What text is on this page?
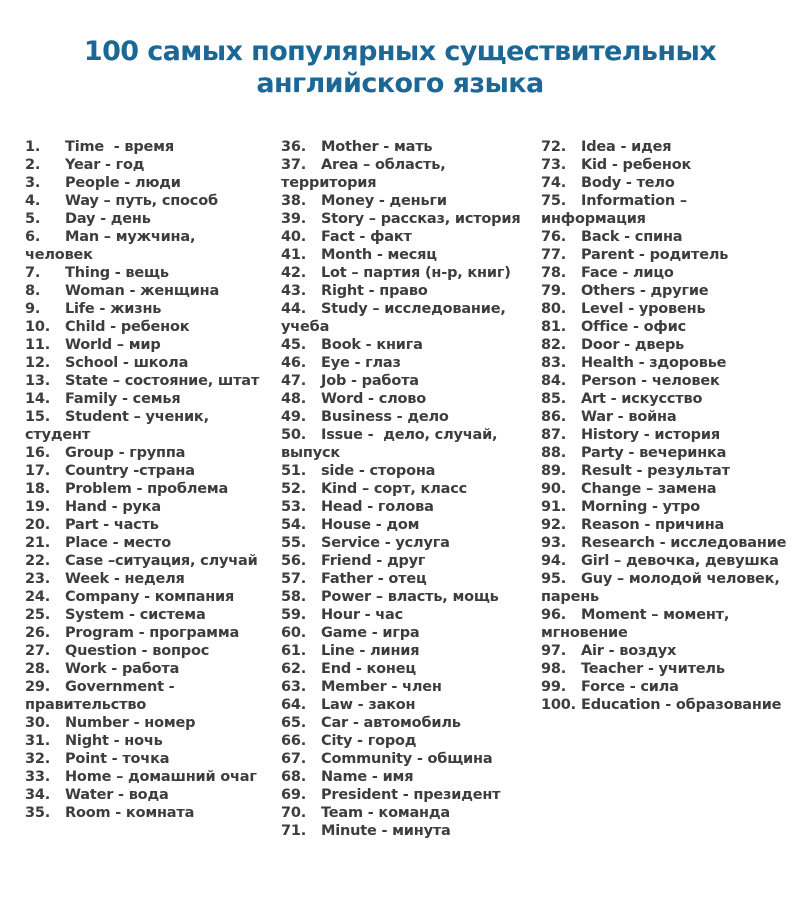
100 самых популярных существительных
английского языка
1.	Time  - время
2.	Year - год
3.	People - люди
4.	Way – путь, способ
5.	Day - день
6.	Man – мужчина,
человек
7.	Thing - вещь
8.	Woman - женщина
9.	Life - жизнь
10.	Child - ребенок
11.	World – мир
12.	School - школа
13.	State – состояние, штат
14.	Family - семья
15.	Student – ученик,
студент
16.	Group - группа
17.	Country -страна
18.	Problem - проблема
19.	Hand - рука
20.	Part - часть
21.	Place - место
22.	Case –ситуация, случай
23.	Week - неделя
24.	Company - компания
25.	System - система
26.	Program - программа
27.	Question - вопрос
28.	Work - работа
29.	Government -
правительство
30.	Number - номер
31.	Night - ночь
32.	Point - точка
33.	Home – домашний очаг
34.	Water - вода
35.	Room - комната
36.	Mother - мать
37.	Area – область,
территория
38.	Money - деньги
39.	Story – рассказ, история
40.	Fact - факт
41.	Month - месяц
42.	Lot – партия (н-р, книг)
43.	Right - право
44.	Study – исследование,
учеба
45.	Book - книга
46.	Eye - глаз
47.	Job - работа
48.	Word - слово
49.	Business - дело
50.	Issue -  дело, случай,
выпуск
51.	side - сторона
52.	Kind – сорт, класс
53.	Head - голова
54.	House - дом
55.	Service - услуга
56.	Friend - друг
57.	Father - отец
58.	Power – власть, мощь
59.	Hour - час
60.	Game - игра
61.	Line - линия
62.	End - конец
63.	Member - член
64.	Law - закон
65.	Car - автомобиль
66.	City - город
67.	Community - община
68.	Name - имя
69.	President - президент
70.	Team - команда
71.	Minute - минута
72.	Idea - идея
73.	Kid - ребенок
74.	Body - тело
75.	Information –
информация
76.	Back - спина
77.	Parent - родитель
78.	Face - лицо
79.	Others - другие
80.	Level - уровень
81.	Office - офис
82.	Door - дверь
83.	Health - здоровье
84.	Person - человек
85.	Art - искусство
86.	War - война
87.	History - история
88.	Party - вечеринка
89.	Result - результат
90.	Change – замена
91.	Morning - утро
92.	Reason - причина
93.	Research - исследование
94.	Girl – девочка, девушка
95.	Guy – молодой человек,
парень
96.	Moment – момент,
мгновение
97.	Air - воздух
98.	Teacher - учитель
99.	Force - сила
100. Education - образование
